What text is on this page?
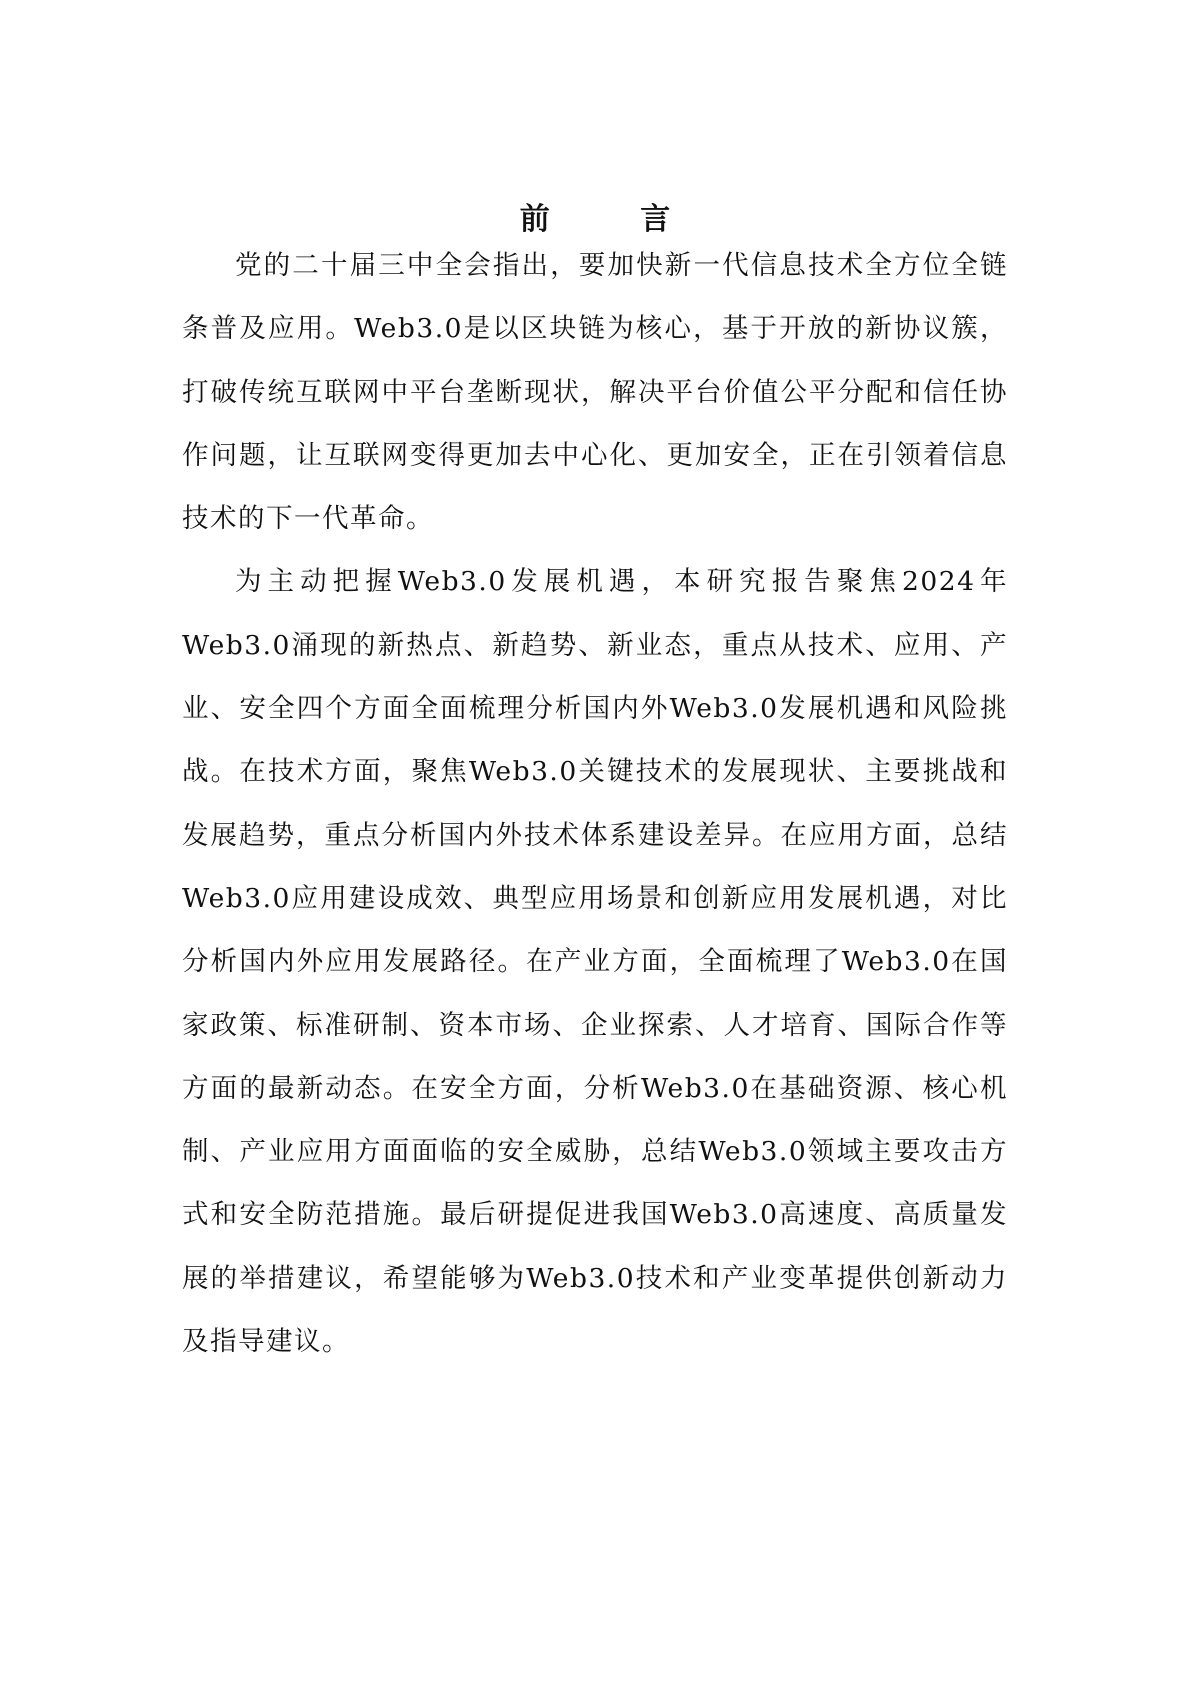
前 言

党的二十届三中全会指出，要加快新一代信息技术全方位全链条普及应用。Web3.0是以区块链为核心，基于开放的新协议簇，打破传统互联网中平台垄断现状，解决平台价值公平分配和信任协作问题，让互联网变得更加去中心化、更加安全，正在引领着信息技术的下一代革命。

为主动把握Web3.0发展机遇，本研究报告聚焦2024年Web3.0涌现的新热点、新趋势、新业态，重点从技术、应用、产业、安全四个方面全面梳理分析国内外Web3.0发展机遇和风险挑战。在技术方面，聚焦Web3.0关键技术的发展现状、主要挑战和发展趋势，重点分析国内外技术体系建设差异。在应用方面，总结Web3.0应用建设成效、典型应用场景和创新应用发展机遇，对比分析国内外应用发展路径。在产业方面，全面梳理了Web3.0在国家政策、标准研制、资本市场、企业探索、人才培育、国际合作等方面的最新动态。在安全方面，分析Web3.0在基础资源、核心机制、产业应用方面面临的安全威胁，总结Web3.0领域主要攻击方式和安全防范措施。最后研提促进我国Web3.0高速度、高质量发展的举措建议，希望能够为Web3.0技术和产业变革提供创新动力及指导建议。
